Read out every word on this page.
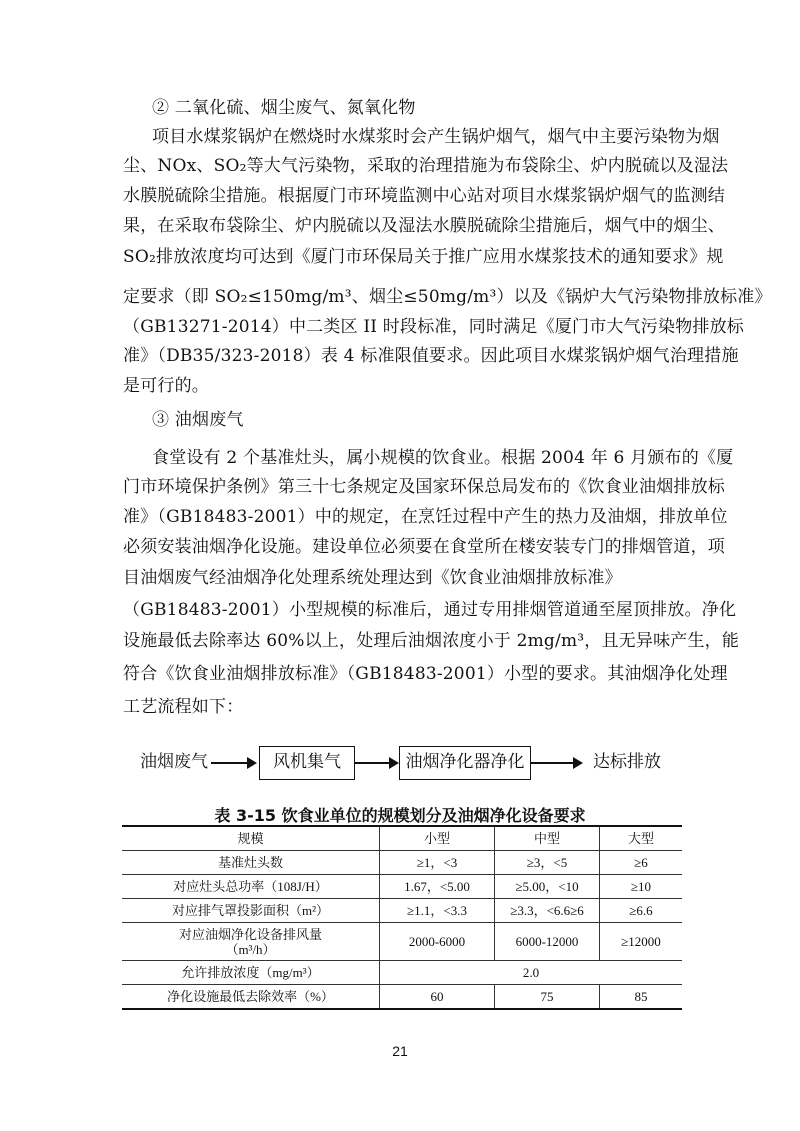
② 二氧化硫、烟尘废气、氮氧化物
项目水煤浆锅炉在燃烧时水煤浆时会产生锅炉烟气，烟气中主要污染物为烟
尘、NOx、SO₂等大气污染物，采取的治理措施为布袋除尘、炉内脱硫以及湿法
水膜脱硫除尘措施。根据厦门市环境监测中心站对项目水煤浆锅炉烟气的监测结
果，在采取布袋除尘、炉内脱硫以及湿法水膜脱硫除尘措施后，烟气中的烟尘、
SO₂排放浓度均可达到《厦门市环保局关于推广应用水煤浆技术的通知要求》规
定要求（即 SO₂≤150mg/m³、烟尘≤50mg/m³）以及《锅炉大气污染物排放标准》
（GB13271-2014）中二类区 II 时段标准，同时满足《厦门市大气污染物排放标
准》（DB35/323-2018）表 4 标准限值要求。因此项目水煤浆锅炉烟气治理措施
是可行的。
③ 油烟废气
食堂设有 2 个基准灶头，属小规模的饮食业。根据 2004 年 6 月颁布的《厦
门市环境保护条例》第三十七条规定及国家环保总局发布的《饮食业油烟排放标
准》（GB18483-2001）中的规定，在烹饪过程中产生的热力及油烟，排放单位
必须安装油烟净化设施。建设单位必须要在食堂所在楼安装专门的排烟管道，项
目油烟废气经油烟净化处理系统处理达到《饮食业油烟排放标准》
（GB18483-2001）小型规模的标准后，通过专用排烟管道通至屋顶排放。净化
设施最低去除率达 60%以上，处理后油烟浓度小于 2mg/m³，且无异味产生，能
符合《饮食业油烟排放标准》（GB18483-2001）小型的要求。其油烟净化处理
工艺流程如下：
油烟废气	风机集气	油烟净化器净化	达标排放
表 3-15 饮食业单位的规模划分及油烟净化设备要求
规模	小型	中型	大型
基准灶头数	≥1，<3	≥3，<5	≥6
对应灶头总功率（108J/H）	1.67，<5.00	≥5.00，<10	≥10
对应排气罩投影面积（m²）	≥1.1，<3.3	≥3.3，<6.6≥6	≥6.6
对应油烟净化设备排风量（m³/h）	2000-6000	6000-12000	≥12000
允许排放浓度（mg/m³）	2.0		
净化设施最低去除效率（%）	60	75	85
21
